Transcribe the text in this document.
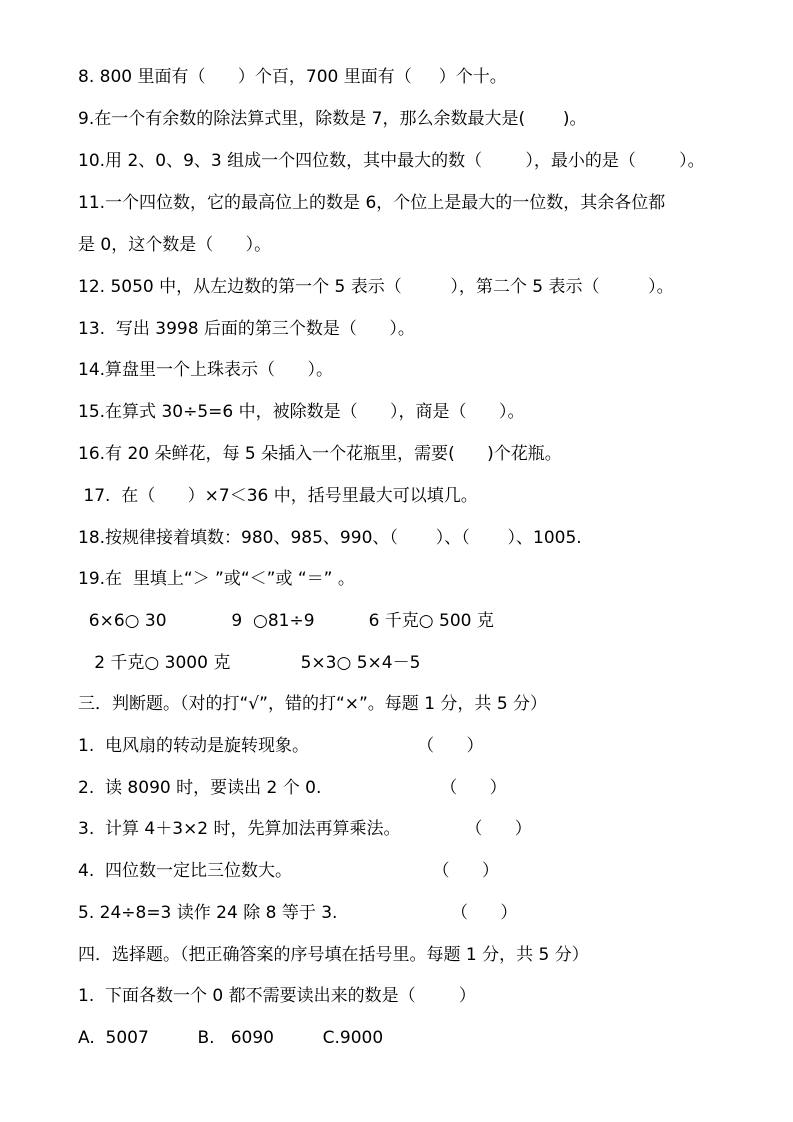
8. 800 里面有（      ）个百，700 里面有（     ）个十。
9.在一个有余数的除法算式里，除数是 7，那么余数最大是(       )。
10.用 2、0、9、3 组成一个四位数，其中最大的数（        ），最小的是（        ）。
11.一个四位数，它的最高位上的数是 6，个位上是最大的一位数，其余各位都
是 0，这个数是（      ）。
12. 5050 中，从左边数的第一个 5 表示（         ），第二个 5 表示（         ）。
13.  写出 3998 后面的第三个数是（      ）。
14.算盘里一个上珠表示（      ）。
15.在算式 30÷5=6 中，被除数是（      ），商是（      ）。
16.有 20 朵鲜花，每 5 朵插入一个花瓶里，需要(      )个花瓶。
17.  在（      ）×7＜36 中，括号里最大可以填几。
18.按规律接着填数：980、985、990、（       ）、（       ）、1005.
19.在  里填上“＞ ”或“＜”或 “＝” 。
6×6○ 30            9  ○81÷9          6 千克○ 500 克
2 千克○ 3000 克             5×3○ 5×4－5
三．判断题。（对的打“√”，错的打“×”。每题 1 分，共 5 分）
1.  电风扇的转动是旋转现象。                    （      ）
2.  读 8090 时，要读出 2 个 0.                      （      ）
3.  计算 4＋3×2 时，先算加法再算乘法。            （      ）
4.  四位数一定比三位数大。                          （      ）
5. 24÷8=3 读作 24 除 8 等于 3.                     （      ）
四．选择题。（把正确答案的序号填在括号里。每题 1 分，共 5 分）
1.  下面各数一个 0 都不需要读出来的数是（        ）
A.  5007         B.   6090         C.9000
